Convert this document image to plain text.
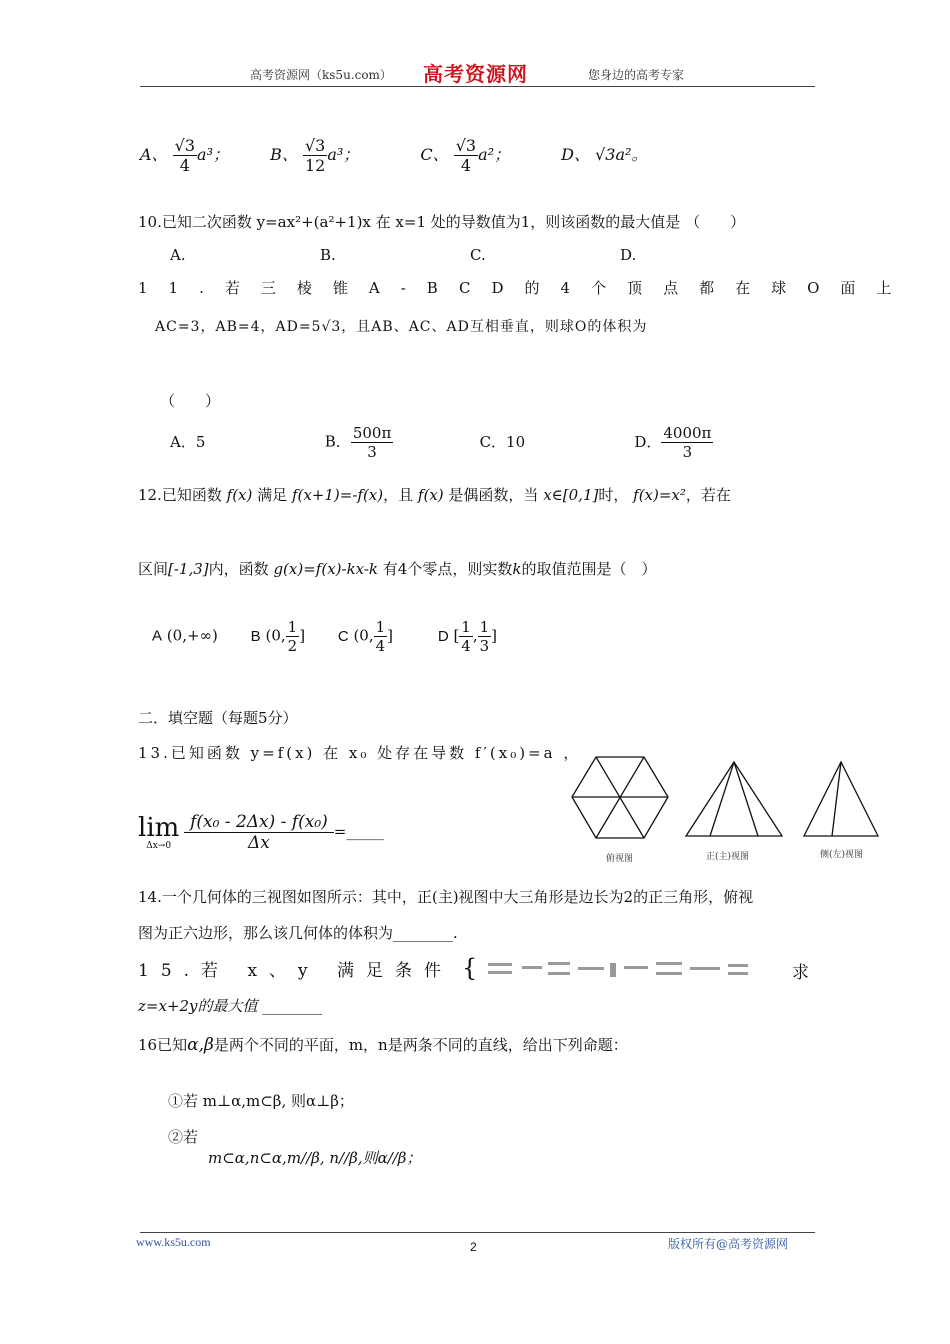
高考资源网（ks5u.com） 高考资源网	您身边的高考专家
A、 $\frac{√3}{4} a^3$；	B、 $\frac{√3}{12} a^3$；	C、 $\frac{√3}{4} a^2$；	D、 √3a²。
10.已知二次函数 y=ax²+(a²+1)x 在 x=1 处的导数值为1，则该函数的最大值是 （　　）
A.	B.	C.	D.
11.若三棱锥A-BCD的4个顶点都在球O面上
AC=3，AB=4，AD=5√3，且AB、AC、AD互相垂直，则球O的体积为
（　　）
A．5	B． $\frac{500\pi}{3}$	C．10	D． $\frac{4000\pi}{3}$
12.已知函数 f(x) 满足 f(x+1)=-f(x)，且 f(x) 是偶函数，当 x∈[0,1]时， f(x)=x²，若在
区间[-1,3]内，函数 g(x)=f(x)-kx-k 有4个零点，则实数k的取值范围是（　）
A (0,+∞) B (0, $\frac{1}{2}$ ] C (0, $\frac{1}{4}$ ]	D [ $\frac{1}{4}$ , $\frac{1}{3}$ ]
二．填空题（每题5分）
13.已知函数 y=f(x) 在 x₀ 处存在导数 f′(x₀)=a ，
lim
Δx→0
$\frac{\text{f(x₀ - 2Δx) - f(x₀)}}{\Delta x}$ =_____
俯视图	正(主)视图	侧(左)视图
14.一个几何体的三视图如图所示：其中，正(主)视图中大三角形是边长为2的正三角形，俯视
图为正六边形，那么该几何体的体积为________.
15.若 x、y 满足条件 {	求
z=x+2y的最大值 ________
16已知α,β是两个不同的平面，m，n是两条不同的直线，给出下列命题：
①若 m⊥α,m⊂β, 则α⊥β；
②若
m⊂α,n⊂α,m//β, n//β,则α//β；
www.ks5u.com	2	版权所有@高考资源网
